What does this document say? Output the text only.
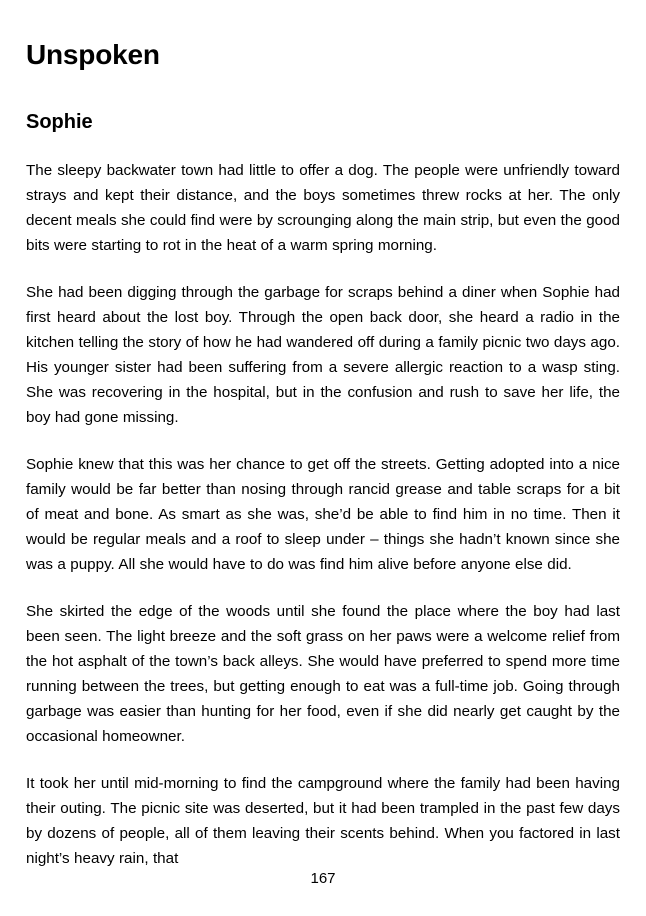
Unspoken
Sophie

The sleepy backwater town had little to offer a dog. The people were unfriendly toward strays and kept their distance, and the boys sometimes threw rocks at her. The only decent meals she could find were by scrounging along the main strip, but even the good bits were starting to rot in the heat of a warm spring morning.

She had been digging through the garbage for scraps behind a diner when Sophie had first heard about the lost boy. Through the open back door, she heard a radio in the kitchen telling the story of how he had wandered off during a family picnic two days ago. His younger sister had been suffering from a severe allergic reaction to a wasp sting. She was recovering in the hospital, but in the confusion and rush to save her life, the boy had gone missing.

Sophie knew that this was her chance to get off the streets. Getting adopted into a nice family would be far better than nosing through rancid grease and table scraps for a bit of meat and bone. As smart as she was, she’d be able to find him in no time. Then it would be regular meals and a roof to sleep under – things she hadn’t known since she was a puppy. All she would have to do was find him alive before anyone else did.

She skirted the edge of the woods until she found the place where the boy had last been seen. The light breeze and the soft grass on her paws were a welcome relief from the hot asphalt of the town’s back alleys. She would have preferred to spend more time running between the trees, but getting enough to eat was a full-time job. Going through garbage was easier than hunting for her food, even if she did nearly get caught by the occasional homeowner.

It took her until mid-morning to find the campground where the family had been having their outing. The picnic site was deserted, but it had been trampled in the past few days by dozens of people, all of them leaving their scents behind. When you factored in last night’s heavy rain, that

167
